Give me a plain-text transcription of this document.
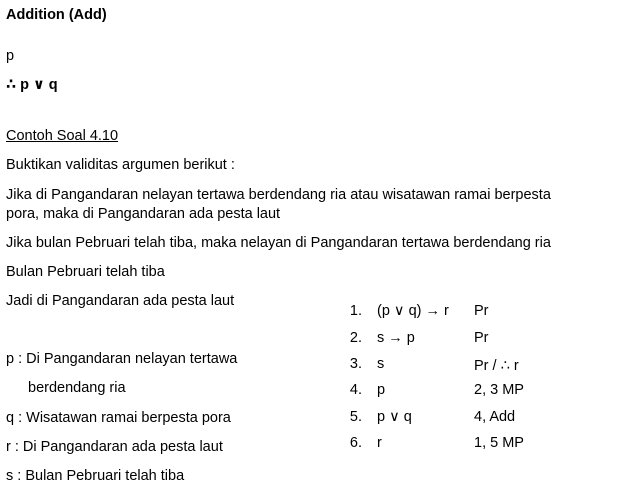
Addition (Add)
p
∴ p ∨ q
Contoh Soal 4.10
Buktikan validitas argumen berikut :
Jika di Pangandaran nelayan tertawa berdendang ria atau wisatawan ramai berpesta
pora, maka di Pangandaran ada pesta laut
Jika bulan Pebruari telah tiba, maka nelayan di Pangandaran tertawa berdendang ria
Bulan Pebruari telah tiba
Jadi di Pangandaran ada pesta laut
p : Di Pangandaran nelayan tertawa
berdendang ria
q : Wisatawan ramai berpesta pora
r : Di Pangandaran ada pesta laut
s : Bulan Pebruari telah tiba
1. (p ∨ q) → r Pr
2. s → p	Pr
3. s	Pr / ∴ r
4. p	2, 3 MP
5. p ∨ q	4, Add
6. r	1, 5 MP
